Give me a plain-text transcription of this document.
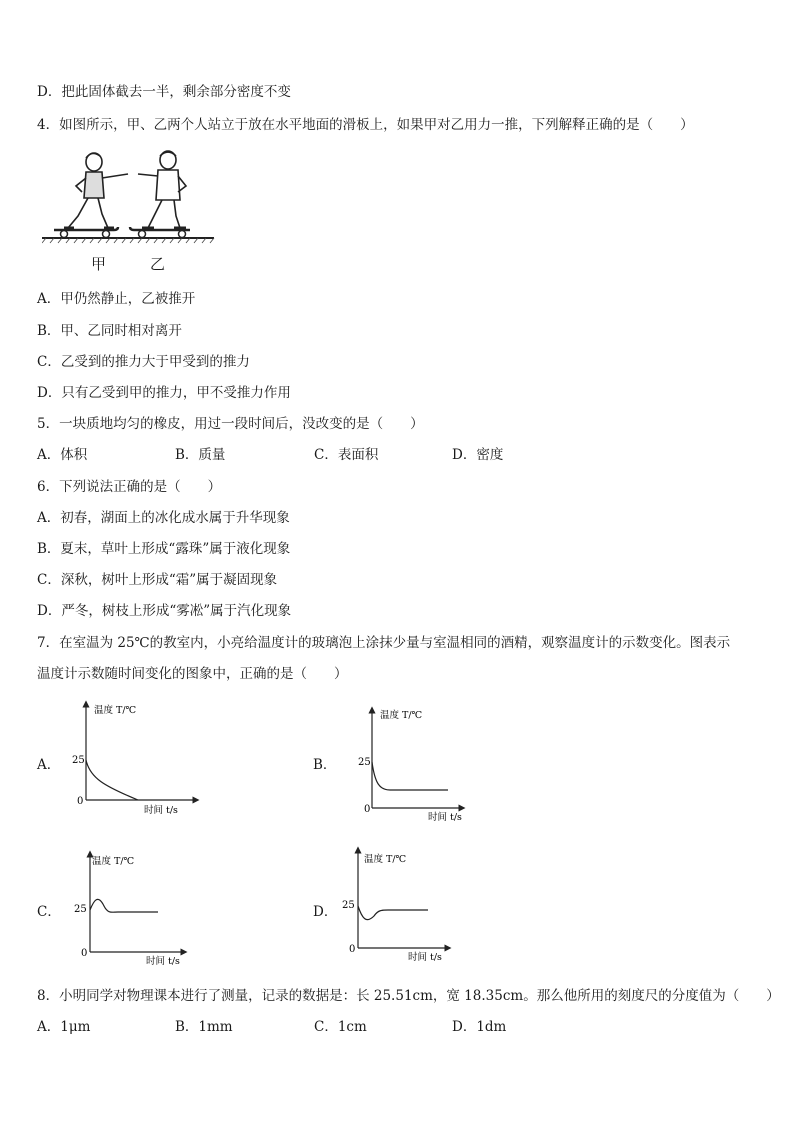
D．把此固体截去一半，剩余部分密度不变
4．如图所示，甲、乙两个人站立于放在水平地面的滑板上，如果甲对乙用力一推，下列解释正确的是（　　）
甲	乙
A．甲仍然静止，乙被推开
B．甲、乙同时相对离开
C．乙受到的推力大于甲受到的推力
D．只有乙受到甲的推力，甲不受推力作用
5．一块质地均匀的橡皮，用过一段时间后，没改变的是（　　）
A．体积	B．质量	C．表面积	D．密度
6．下列说法正确的是（　　）
A．初春，湖面上的冰化成水属于升华现象
B．夏末，草叶上形成“露珠”属于液化现象
C．深秋，树叶上形成“霜”属于凝固现象
D．严冬，树枝上形成“雾凇”属于汽化现象
7．在室温为 25℃的教室内，小亮给温度计的玻璃泡上涂抹少量与室温相同的酒精，观察温度计的示数变化。图表示
温度计示数随时间变化的图象中，正确的是（　　）
A．	B．
C．	D．
温度 T/℃
时间 t/s
25
0
温度 T/℃
时间 t/s
25
0
温度 T/℃
时间 t/s
25
0
温度 T/℃
时间 t/s
25
0
8．小明同学对物理课本进行了测量，记录的数据是：长 25.51cm，宽 18.35cm。那么他所用的刻度尺的分度值为（　　）
A．1μm	B．1mm	C．1cm	D．1dm
